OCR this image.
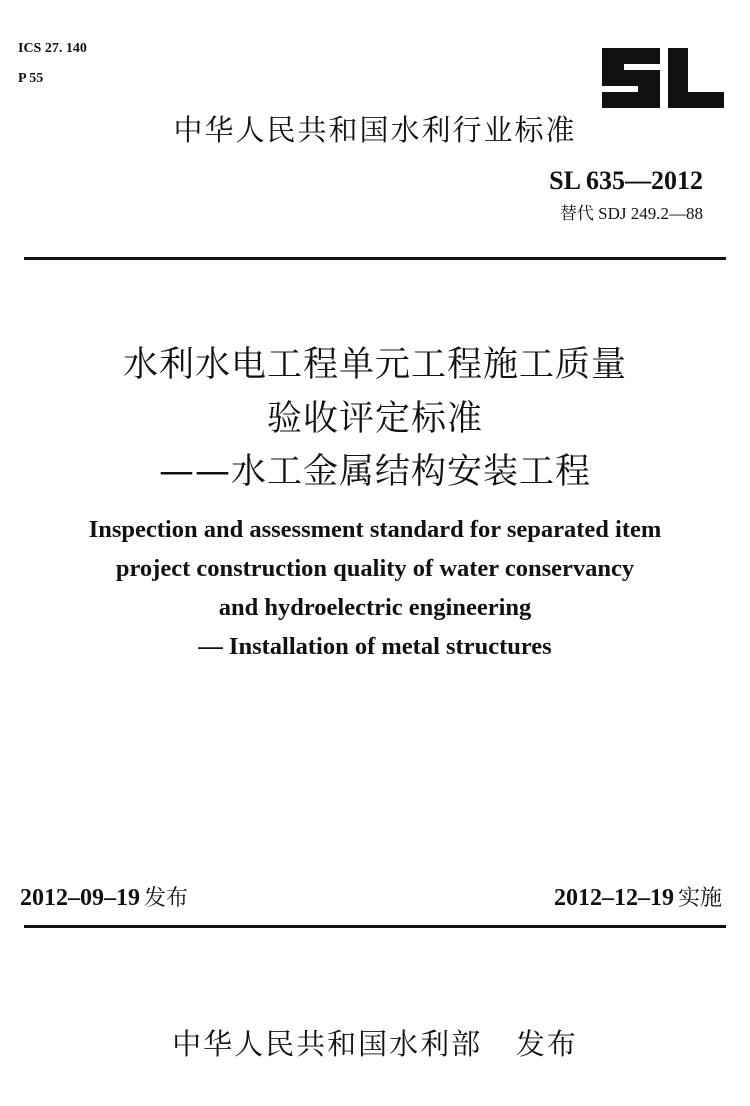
ICS 27. 140
P 55
中华人民共和国水利行业标准
SL 635—2012
替代 SDJ 249.2—88
水利水电工程单元工程施工质量
验收评定标准
——水工金属结构安装工程
Inspection and assessment standard for separated item
project construction quality of water conservancy
and hydroelectric engineering
— Installation of metal structures
2012–09–19 发布	2012–12–19 实施
中华人民共和国水利部   发布
